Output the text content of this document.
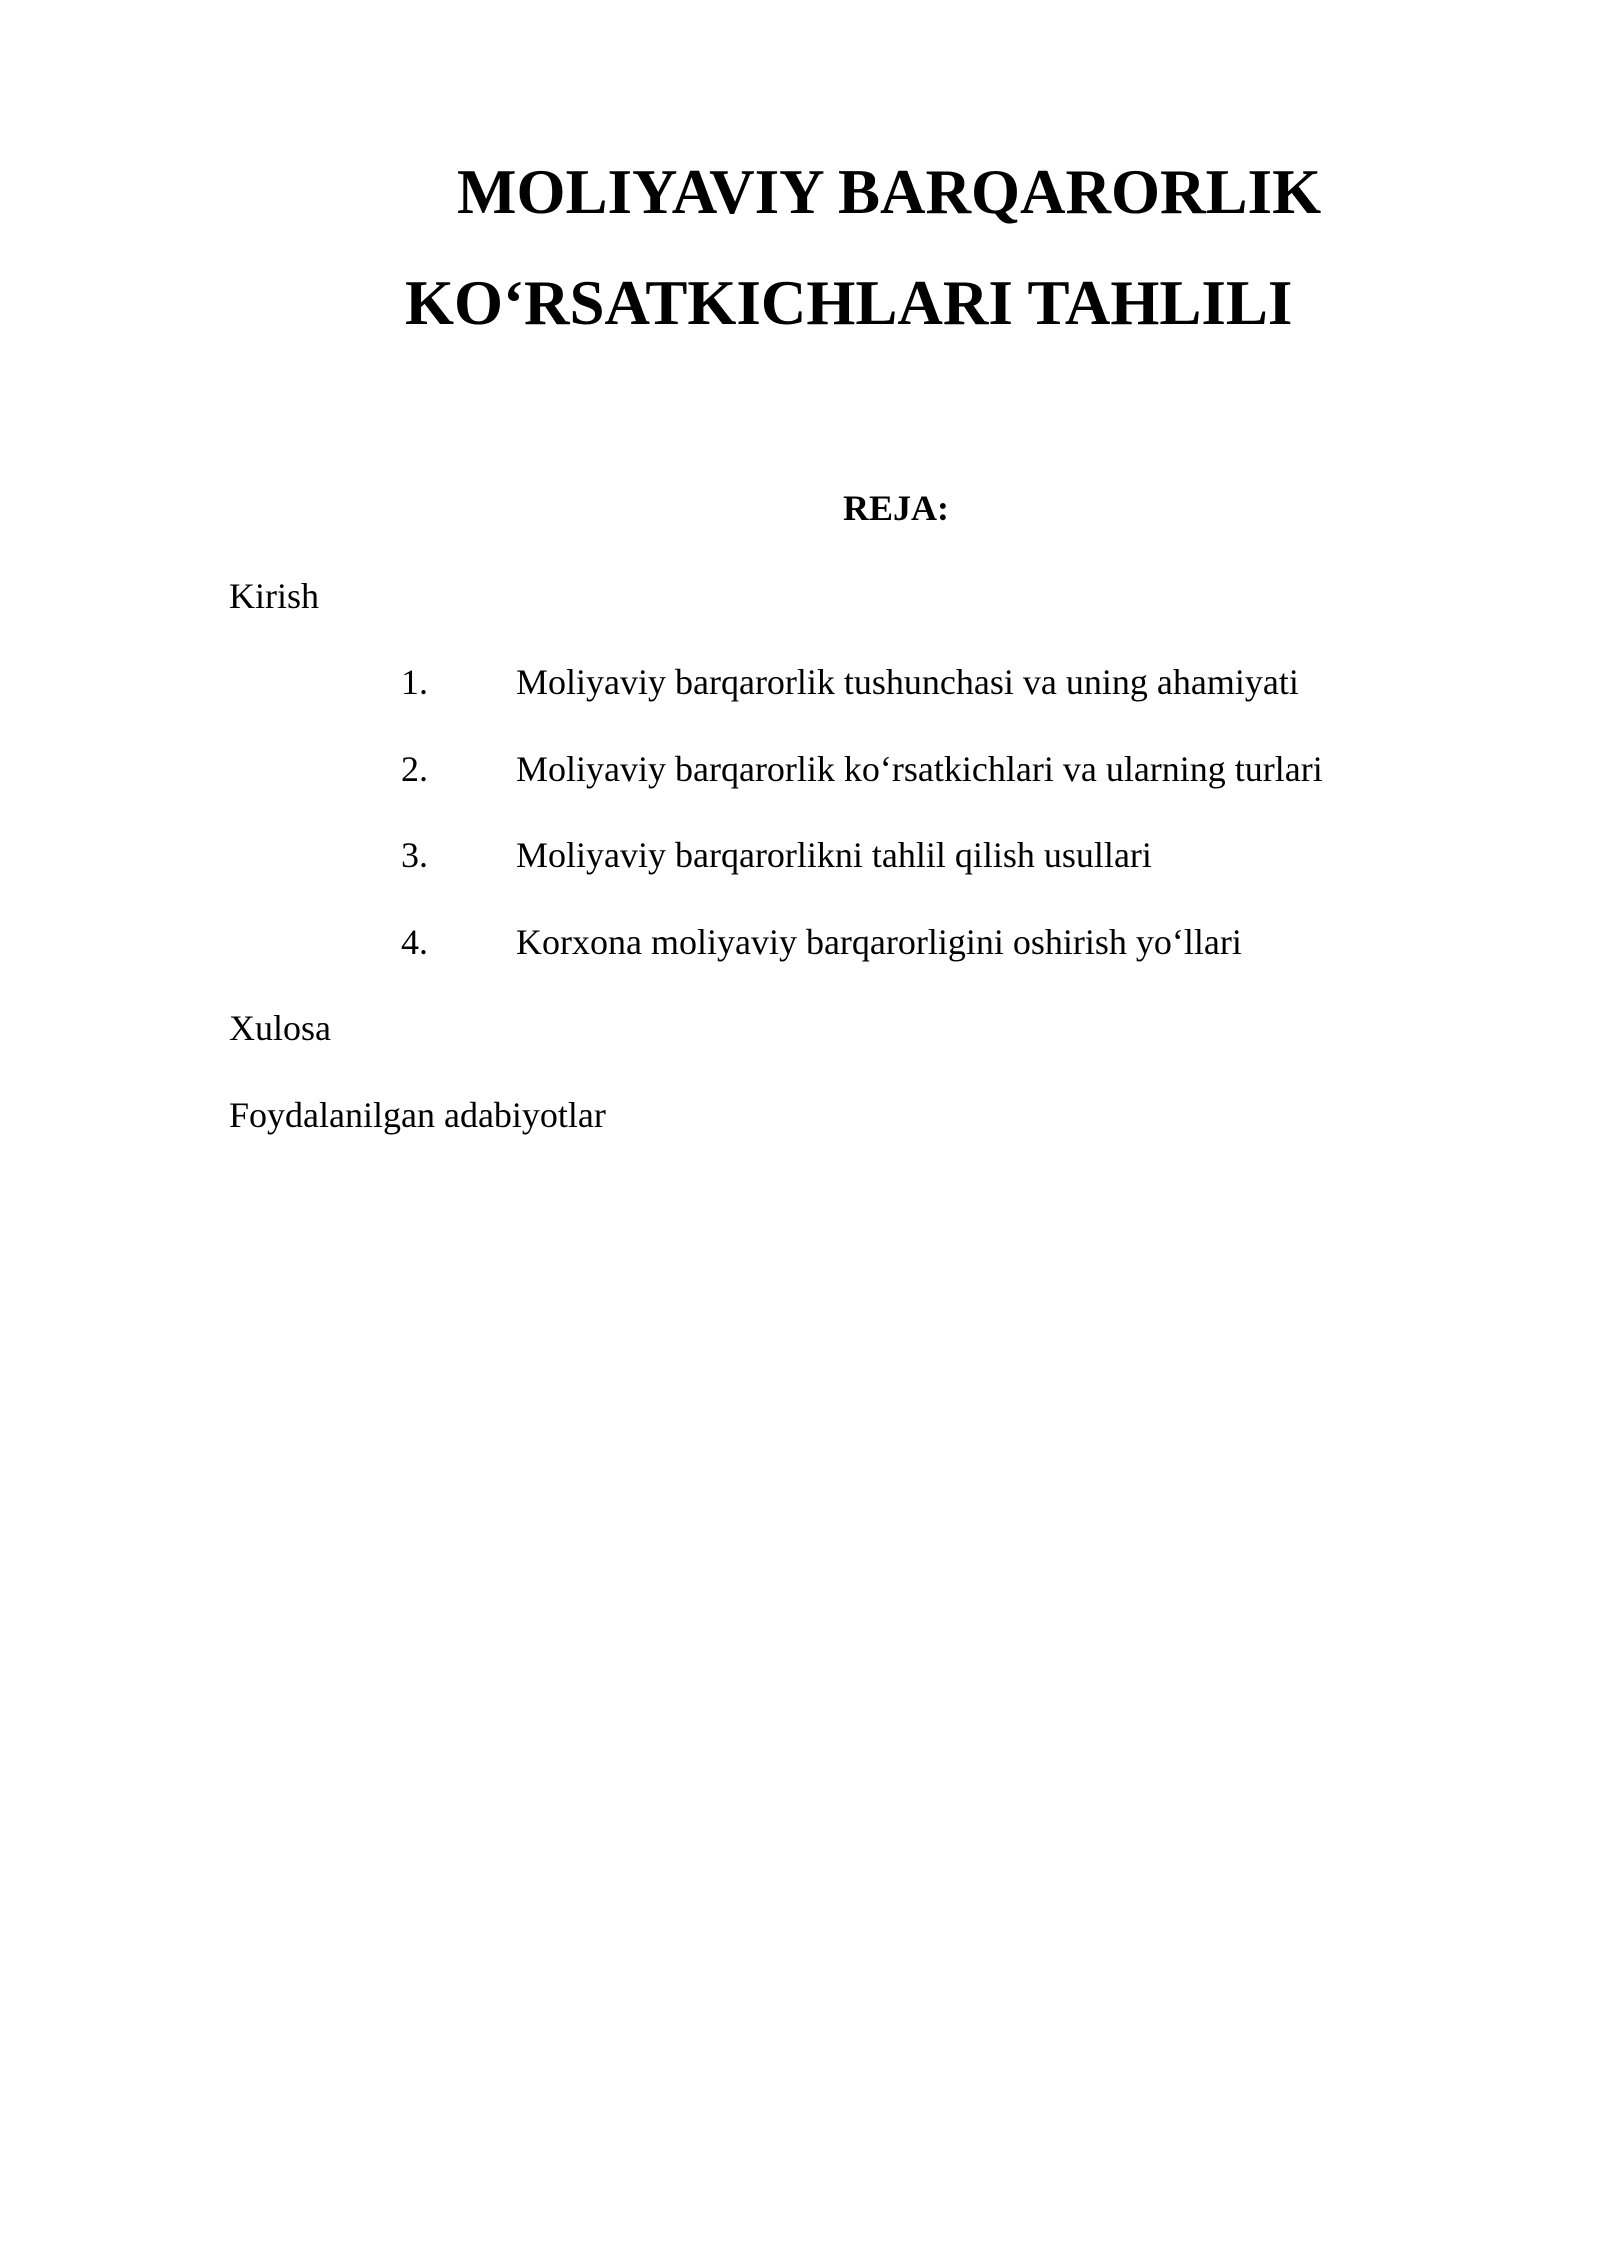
MOLIYAVIY BARQARORLIK
KO‘RSATKICHLARI TAHLILI
REJA:
Kirish
1. Moliyaviy barqarorlik tushunchasi va uning ahamiyati
2. Moliyaviy barqarorlik ko‘rsatkichlari va ularning turlari
3. Moliyaviy barqarorlikni tahlil qilish usullari
4. Korxona moliyaviy barqarorligini oshirish yo‘llari
Xulosa
Foydalanilgan adabiyotlar
